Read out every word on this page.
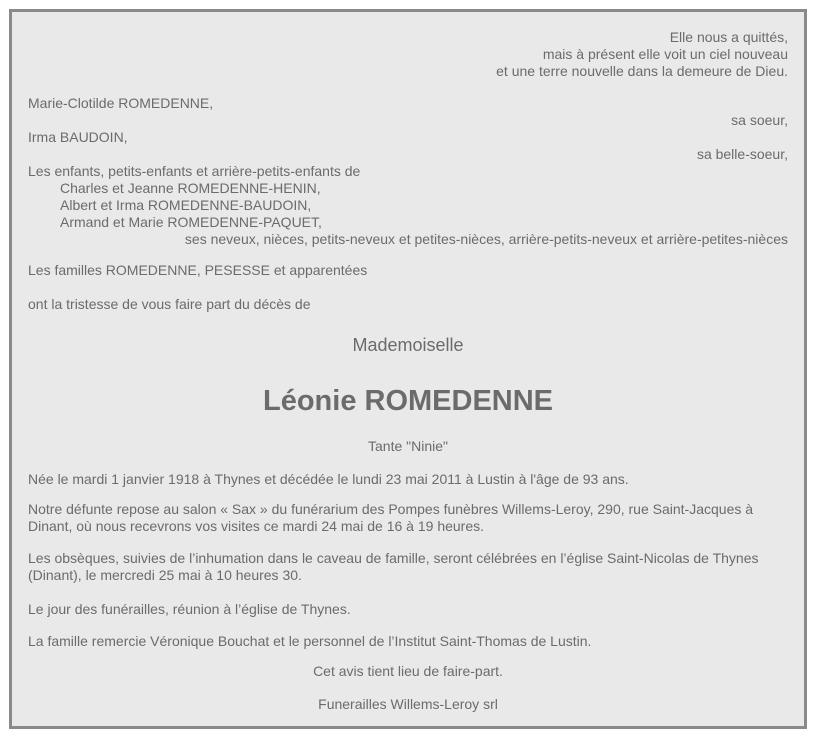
Elle nous a quittés,
mais à présent elle voit un ciel nouveau
et une terre nouvelle dans la demeure de Dieu.
Marie-Clotilde ROMEDENNE,
sa soeur,
Irma BAUDOIN,
sa belle-soeur,
Les enfants, petits-enfants et arrière-petits-enfants de
Charles et Jeanne ROMEDENNE-HENIN,
Albert et Irma ROMEDENNE-BAUDOIN,
Armand et Marie ROMEDENNE-PAQUET,
ses neveux, nièces, petits-neveux et petites-nièces, arrière-petits-neveux et arrière-petites-nièces
Les familles ROMEDENNE, PESESSE et apparentées
ont la tristesse de vous faire part du décès de
Mademoiselle
Léonie ROMEDENNE
Tante "Ninie"
Née le mardi 1 janvier 1918 à Thynes et décédée le lundi 23 mai 2011 à Lustin à l'âge de 93 ans.
Notre défunte repose au salon « Sax » du funérarium des Pompes funèbres Willems-Leroy, 290, rue Saint-Jacques à Dinant, où nous recevrons vos visites ce mardi 24 mai de 16 à 19 heures.
Les obsèques, suivies de l’inhumation dans le caveau de famille, seront célébrées en l’église Saint-Nicolas de Thynes (Dinant), le mercredi 25 mai à 10 heures 30.
Le jour des funérailles, réunion à l’église de Thynes.
La famille remercie Véronique Bouchat et le personnel de l’Institut Saint-Thomas de Lustin.
Cet avis tient lieu de faire-part.
Funerailles Willems-Leroy srl
